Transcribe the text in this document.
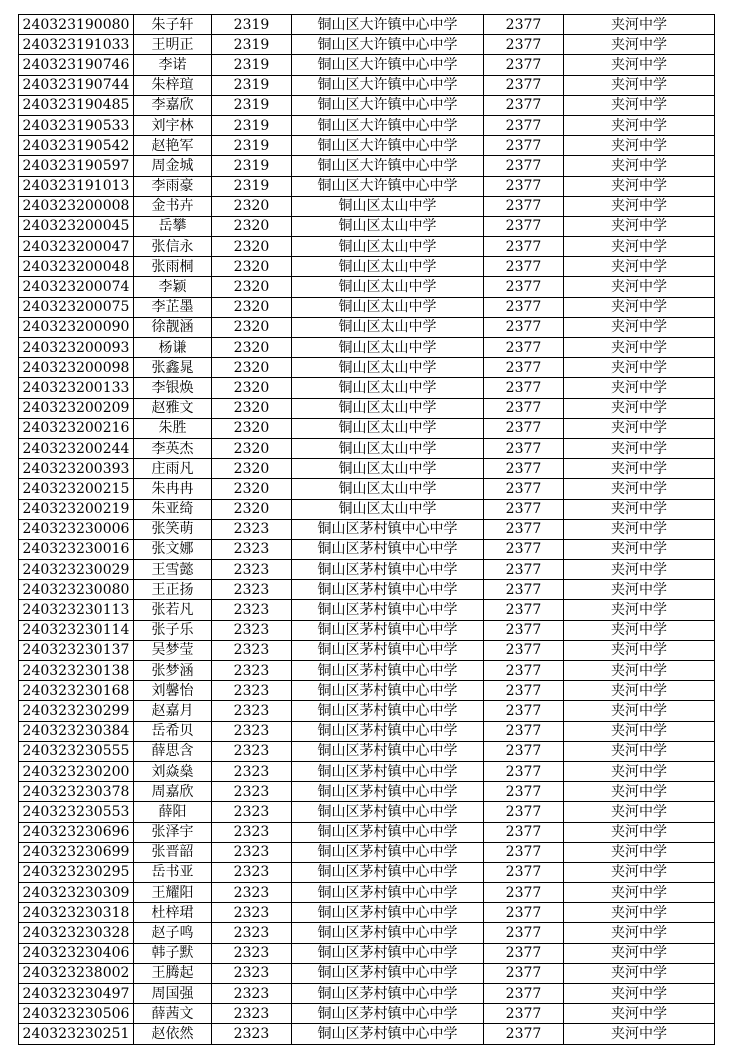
240323190080	朱子轩	2319	铜山区大许镇中心中学	2377	夹河中学
240323191033	王明正	2319	铜山区大许镇中心中学	2377	夹河中学
240323190746	李诺	2319	铜山区大许镇中心中学	2377	夹河中学
240323190744	朱梓瑄	2319	铜山区大许镇中心中学	2377	夹河中学
240323190485	李嘉欣	2319	铜山区大许镇中心中学	2377	夹河中学
240323190533	刘宇林	2319	铜山区大许镇中心中学	2377	夹河中学
240323190542	赵艳军	2319	铜山区大许镇中心中学	2377	夹河中学
240323190597	周金城	2319	铜山区大许镇中心中学	2377	夹河中学
240323191013	李雨豪	2319	铜山区大许镇中心中学	2377	夹河中学
240323200008	金书卉	2320	铜山区太山中学	2377	夹河中学
240323200045	岳攀	2320	铜山区太山中学	2377	夹河中学
240323200047	张信永	2320	铜山区太山中学	2377	夹河中学
240323200048	张雨桐	2320	铜山区太山中学	2377	夹河中学
240323200074	李颖	2320	铜山区太山中学	2377	夹河中学
240323200075	李芷墨	2320	铜山区太山中学	2377	夹河中学
240323200090	徐靓涵	2320	铜山区太山中学	2377	夹河中学
240323200093	杨谦	2320	铜山区太山中学	2377	夹河中学
240323200098	张鑫晁	2320	铜山区太山中学	2377	夹河中学
240323200133	李银焕	2320	铜山区太山中学	2377	夹河中学
240323200209	赵雅文	2320	铜山区太山中学	2377	夹河中学
240323200216	朱胜	2320	铜山区太山中学	2377	夹河中学
240323200244	李英杰	2320	铜山区太山中学	2377	夹河中学
240323200393	庄雨凡	2320	铜山区太山中学	2377	夹河中学
240323200215	朱冉冉	2320	铜山区太山中学	2377	夹河中学
240323200219	朱亚绮	2320	铜山区太山中学	2377	夹河中学
240323230006	张笑萌	2323	铜山区茅村镇中心中学	2377	夹河中学
240323230016	张文娜	2323	铜山区茅村镇中心中学	2377	夹河中学
240323230029	王雪懿	2323	铜山区茅村镇中心中学	2377	夹河中学
240323230080	王正扬	2323	铜山区茅村镇中心中学	2377	夹河中学
240323230113	张若凡	2323	铜山区茅村镇中心中学	2377	夹河中学
240323230114	张子乐	2323	铜山区茅村镇中心中学	2377	夹河中学
240323230137	吴梦莹	2323	铜山区茅村镇中心中学	2377	夹河中学
240323230138	张梦涵	2323	铜山区茅村镇中心中学	2377	夹河中学
240323230168	刘馨怡	2323	铜山区茅村镇中心中学	2377	夹河中学
240323230299	赵嘉月	2323	铜山区茅村镇中心中学	2377	夹河中学
240323230384	岳希贝	2323	铜山区茅村镇中心中学	2377	夹河中学
240323230555	薛思含	2323	铜山区茅村镇中心中学	2377	夹河中学
240323230200	刘焱燊	2323	铜山区茅村镇中心中学	2377	夹河中学
240323230378	周嘉欣	2323	铜山区茅村镇中心中学	2377	夹河中学
240323230553	薛阳	2323	铜山区茅村镇中心中学	2377	夹河中学
240323230696	张泽宇	2323	铜山区茅村镇中心中学	2377	夹河中学
240323230699	张晋韶	2323	铜山区茅村镇中心中学	2377	夹河中学
240323230295	岳书亚	2323	铜山区茅村镇中心中学	2377	夹河中学
240323230309	王耀阳	2323	铜山区茅村镇中心中学	2377	夹河中学
240323230318	杜梓珺	2323	铜山区茅村镇中心中学	2377	夹河中学
240323230328	赵子鸣	2323	铜山区茅村镇中心中学	2377	夹河中学
240323230406	韩子默	2323	铜山区茅村镇中心中学	2377	夹河中学
240323238002	王腾起	2323	铜山区茅村镇中心中学	2377	夹河中学
240323230497	周国强	2323	铜山区茅村镇中心中学	2377	夹河中学
240323230506	薛茜文	2323	铜山区茅村镇中心中学	2377	夹河中学
240323230251	赵依然	2323	铜山区茅村镇中心中学	2377	夹河中学
